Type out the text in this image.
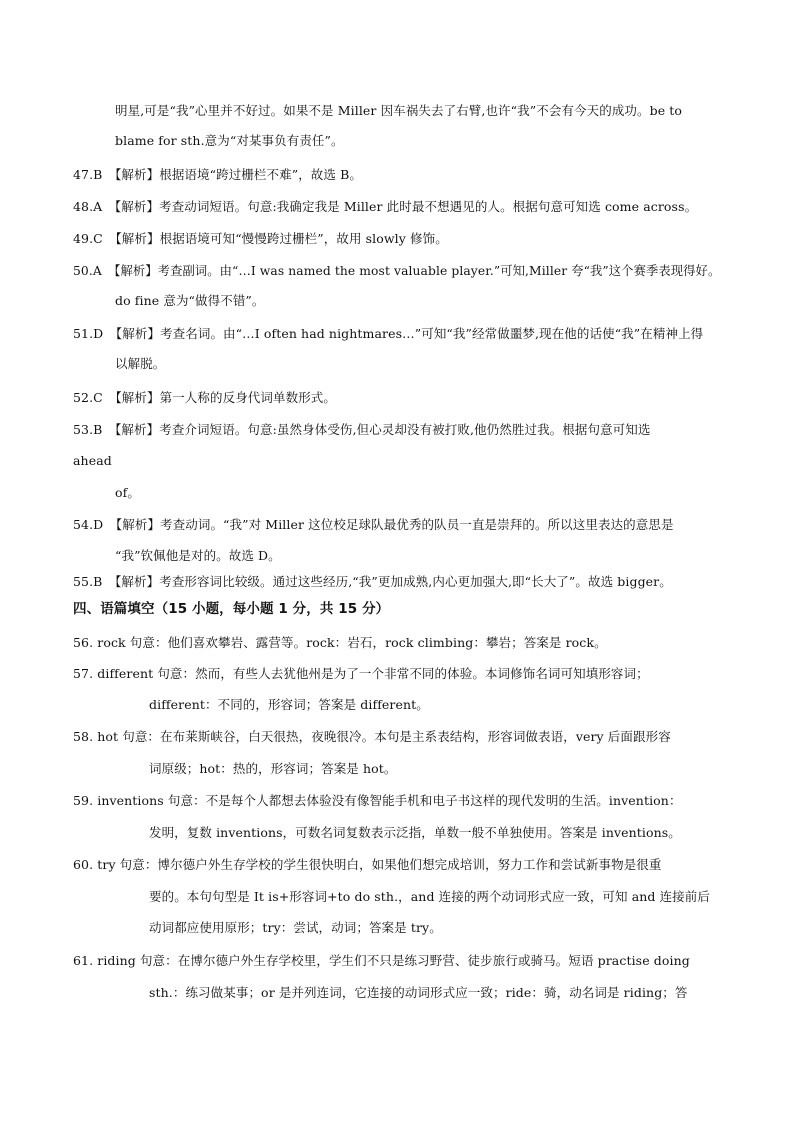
明星,可是“我”心里并不好过。如果不是 Miller 因车祸失去了右臂,也许“我”不会有今天的成功。be to
blame for sth.意为“对某事负有责任”。
47.B　【解析】根据语境“跨过栅栏不难”，故选 B。
48.A　【解析】考查动词短语。句意:我确定我是 Miller 此时最不想遇见的人。根据句意可知选 come across。
49.C　【解析】根据语境可知“慢慢跨过栅栏”，故用 slowly 修饰。
50.A　【解析】考查副词。由“…I was named the most valuable player.”可知,Miller 夸“我”这个赛季表现得好。
do fine 意为“做得不错”。
51.D　【解析】考查名词。由“…I often had nightmares…”可知“我”经常做噩梦,现在他的话使“我”在精神上得
以解脱。
52.C　【解析】第一人称的反身代词单数形式。
53.B　【解析】考查介词短语。句意:虽然身体受伤,但心灵却没有被打败,他仍然胜过我。根据句意可知选
ahead
of。
54.D　【解析】考查动词。“我”对 Miller 这位校足球队最优秀的队员一直是崇拜的。所以这里表达的意思是
“我”钦佩他是对的。故选 D。
55.B　【解析】考查形容词比较级。通过这些经历,“我”更加成熟,内心更加强大,即“长大了”。故选 bigger。
四、语篇填空（15 小题，每小题 1 分，共 15 分）
56. rock 句意：他们喜欢攀岩、露营等。rock：岩石，rock climbing：攀岩；答案是 rock。
57. different 句意：然而，有些人去犹他州是为了一个非常不同的体验。本词修饰名词可知填形容词；
different：不同的，形容词；答案是 different。
58. hot 句意：在布莱斯峡谷，白天很热，夜晚很冷。本句是主系表结构，形容词做表语，very 后面跟形容
词原级；hot：热的，形容词；答案是 hot。
59. inventions 句意：不是每个人都想去体验没有像智能手机和电子书这样的现代发明的生活。invention：
发明，复数 inventions，可数名词复数表示泛指，单数一般不单独使用。答案是 inventions。
60. try 句意：博尔德户外生存学校的学生很快明白，如果他们想完成培训，努力工作和尝试新事物是很重
要的。本句句型是 It is+形容词+to do sth.，and 连接的两个动词形式应一致，可知 and 连接前后
动词都应使用原形；try：尝试，动词；答案是 try。
61. riding 句意：在博尔德户外生存学校里，学生们不只是练习野营、徒步旅行或骑马。短语 practise doing
sth.：练习做某事；or 是并列连词，它连接的动词形式应一致；ride：骑，动名词是 riding；答
